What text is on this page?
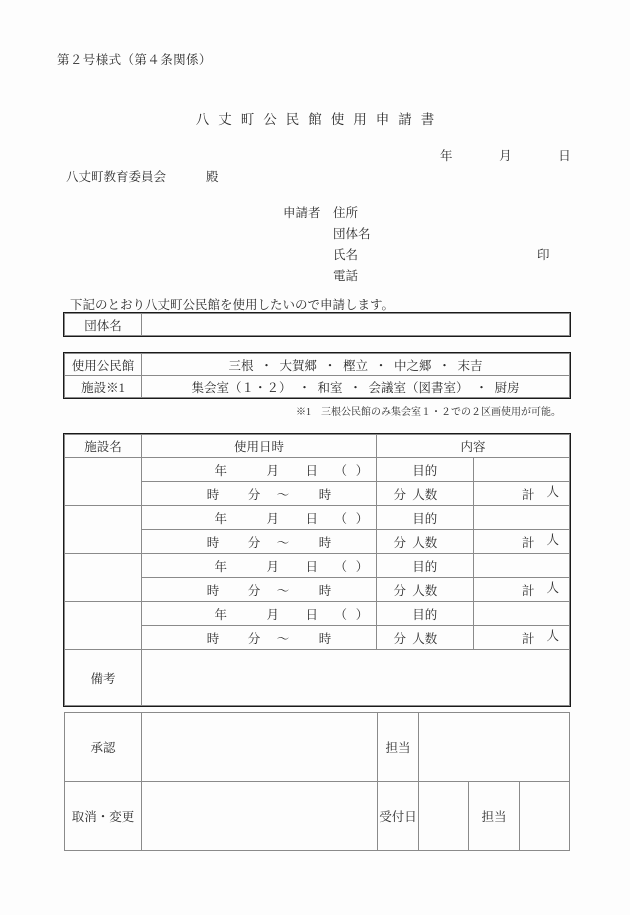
第２号様式（第４条関係）
八丈町公民館使用申請書
年	月	日
八丈町教育委員会	殿
申請者 住所
団体名
氏名	印
電話
下記のとおり八丈町公民館を使用したいので申請します。
団体名	
使用公民館	三根 ・ 大賀郷 ・ 樫立 ・ 中之郷 ・ 末吉
施設※1	集会室（１・２） ・ 和室 ・ 会議室（図書室） ・ 厨房
※1　三根公民館のみ集会室１・２での２区画使用が可能。
施設名	使用日時	内容	
	年 月 日 （ ）	目的	
	時 分 ～ 時 分	人数	計 人

	年 月 日 （ ）	目的	
	時 分 ～ 時 分	人数	計 人

	年 月 日 （ ）	目的	
	時 分 ～ 時 分	人数	計 人

	年 月 日 （ ）	目的	
	時 分 ～ 時 分	人数	計 人

備考			
承認		担当			
取消・変更		受付日		担当	
